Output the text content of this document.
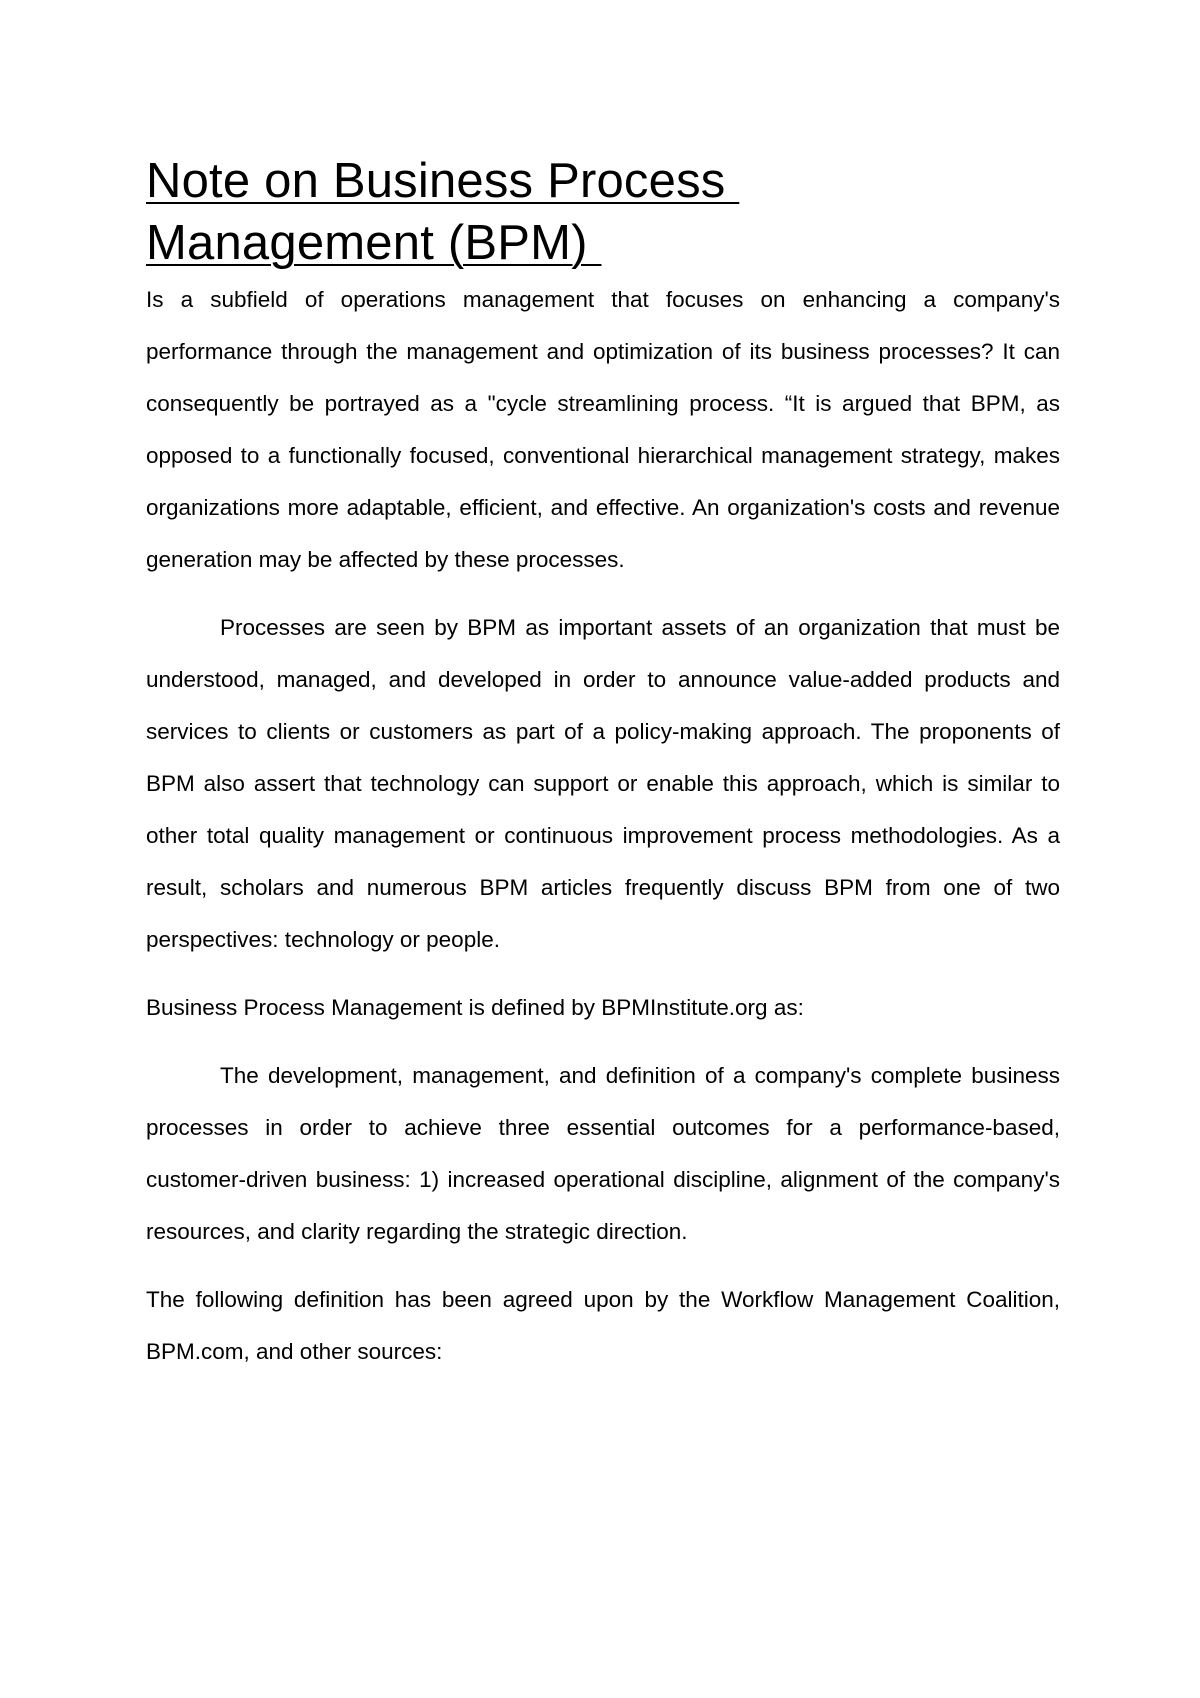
Note on Business Process
Management (BPM)

Is a subfield of operations management that focuses on enhancing a company's performance through the management and optimization of its business processes? It can consequently be portrayed as a "cycle streamlining process. “It is argued that BPM, as opposed to a functionally focused, conventional hierarchical management strategy, makes organizations more adaptable, efficient, and effective. An organization's costs and revenue generation may be affected by these processes.

Processes are seen by BPM as important assets of an organization that must be understood, managed, and developed in order to announce value-added products and services to clients or customers as part of a policy-making approach. The proponents of BPM also assert that technology can support or enable this approach, which is similar to other total quality management or continuous improvement process methodologies. As a result, scholars and numerous BPM articles frequently discuss BPM from one of two perspectives: technology or people.

Business Process Management is defined by BPMInstitute.org as:

The development, management, and definition of a company's complete business processes in order to achieve three essential outcomes for a performance-based, customer-driven business: 1) increased operational discipline, alignment of the company's resources, and clarity regarding the strategic direction.

The following definition has been agreed upon by the Workflow Management Coalition, BPM.com, and other sources:
